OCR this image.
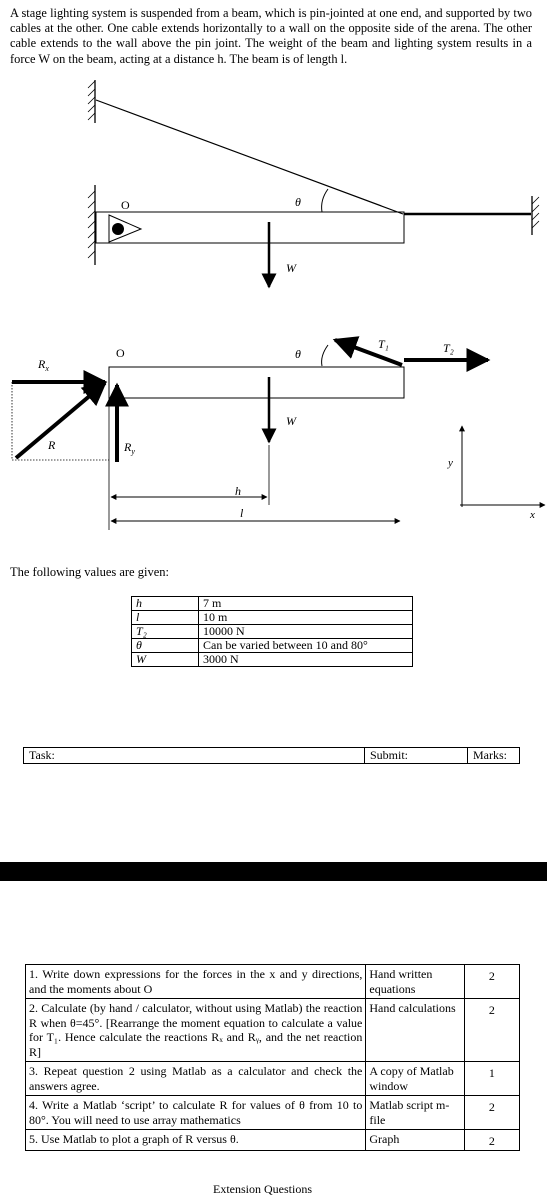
A stage lighting system is suspended from a beam, which is pin-jointed at one end, and supported by two cables at the other. One cable extends horizontally to a wall on the opposite side of the arena. The other cable extends to the wall above the pin joint. The weight of the beam and lighting system results in a force W on the beam, acting at a distance h. The beam is of length l.
O	θ
W
O	θ
W
T₁	T₂
$R_x$
R	$R_y$
h
l
y
x
The following values are given:
h	7 m
l	10 m
T₂	10000 N
θ	Can be varied between 10 and 80°
W	3000 N
Task:	Submit:	Marks:
1. Write down expressions for the forces in the x and y directions, and the moments about O	Hand written equations	2
2. Calculate (by hand / calculator, without using Matlab) the reaction R when θ=45°. [Rearrange the moment equation to calculate a value for T₁. Hence calculate the reactions Rₓ and Rᵧ, and the net reaction R]	Hand calculations	2
3. Repeat question 2 using Matlab as a calculator and check the answers agree.	A copy of Matlab window	1
4. Write a Matlab ‘script’ to calculate R for values of θ from 10 to 80°. You will need to use array mathematics	Matlab script m-file	2
5. Use Matlab to plot a graph of R versus θ.	Graph	2
Extension Questions
